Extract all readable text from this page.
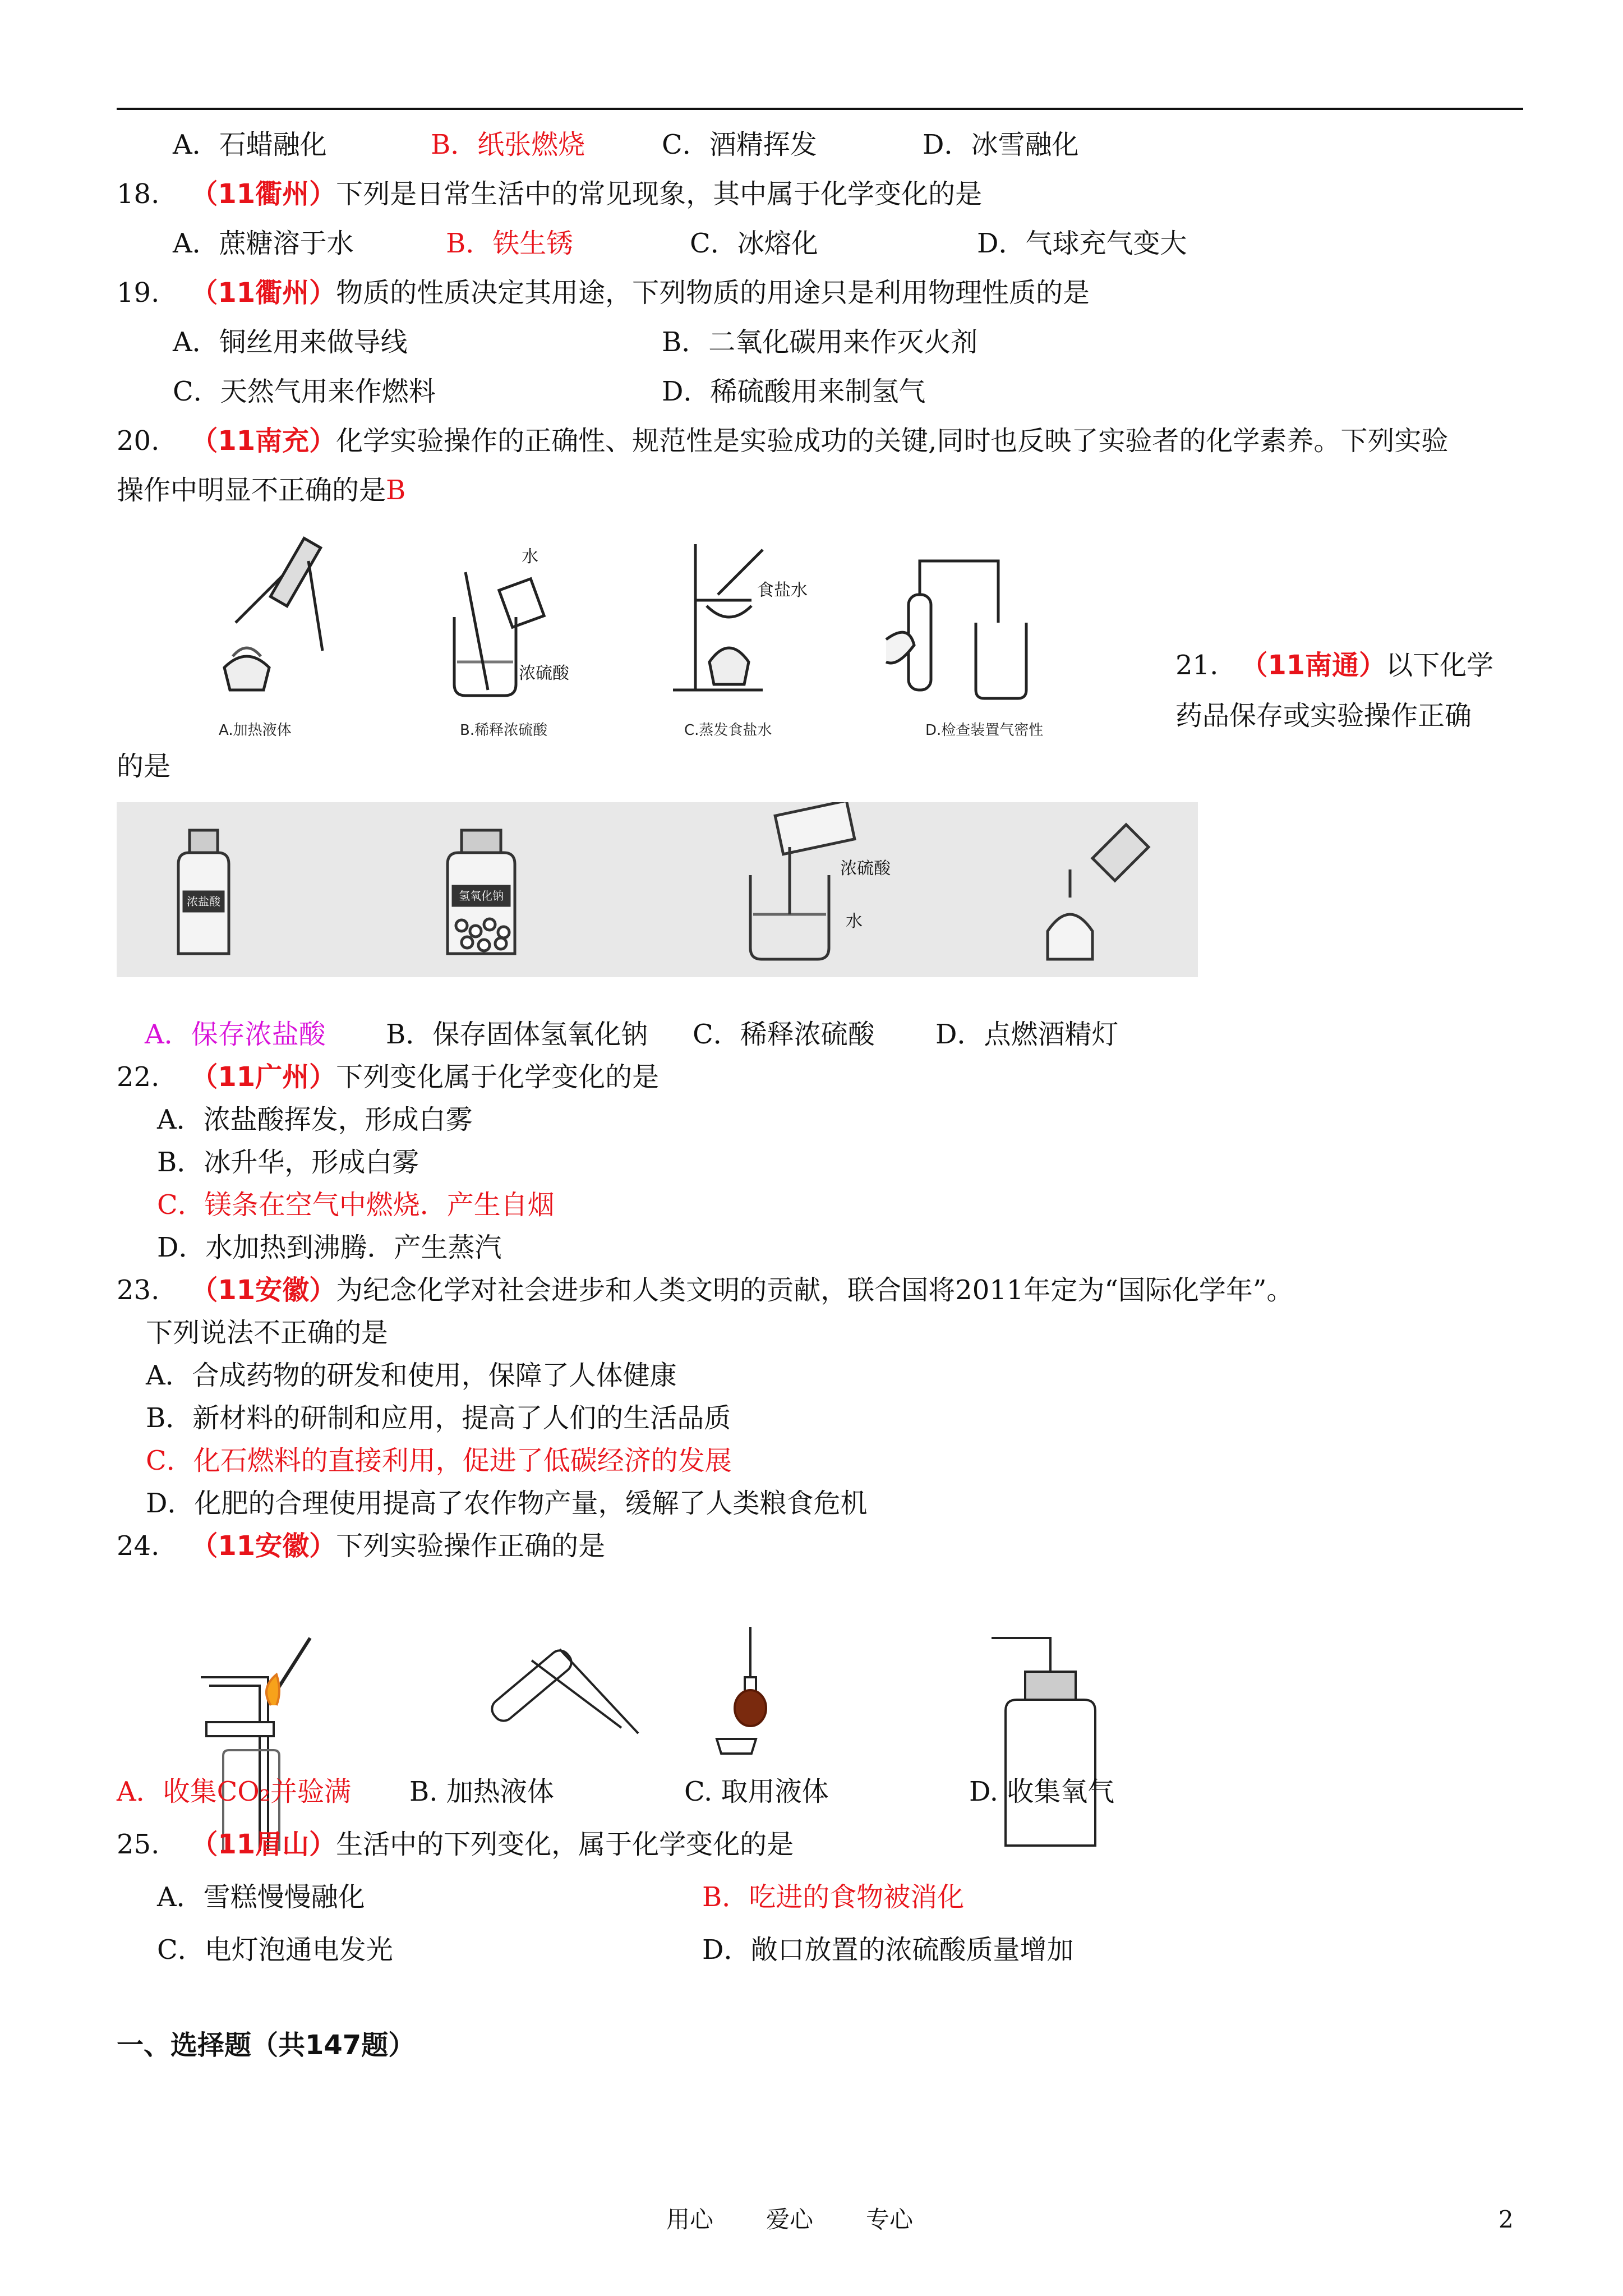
A．石蜡融化	B．纸张燃烧	C．酒精挥发	D．冰雪融化
18. （11衢州）下列是日常生活中的常见现象，其中属于化学变化的是
A．蔗糖溶于水	B．铁生锈	C．冰熔化	D．气球充气变大
19. （11衢州）物质的性质决定其用途，下列物质的用途只是利用物理性质的是
A．铜丝用来做导线	B．二氧化碳用来作灭火剂
C．天然气用来作燃料	D．稀硫酸用来制氢气
20. （11南充）化学实验操作的正确性、规范性是实验成功的关键,同时也反映了实验者的化学素养。下列实验
操作中明显不正确的是B
水
浓硫酸
食盐水
A.加热液体	B.稀释浓硫酸	C.蒸发食盐水	D.检查装置气密性
21. （11南通）以下化学
药品保存或实验操作正确
的是
浓盐酸	氢氧化钠
浓硫酸
水
A．保存浓盐酸 B．保存固体氢氧化钠 C．稀释浓硫酸 D．点燃酒精灯
22. （11广州）下列变化属于化学变化的是
A．浓盐酸挥发，形成白雾
B．冰升华，形成白雾
C．镁条在空气中燃烧．产生自烟
D．水加热到沸腾．产生蒸汽
23. （11安徽）为纪念化学对社会进步和人类文明的贡献，联合国将2011年定为“国际化学年”。
下列说法不正确的是
A．合成药物的研发和使用，保障了人体健康
B．新材料的研制和应用，提高了人们的生活品质
C．化石燃料的直接利用，促进了低碳经济的发展
D．化肥的合理使用提高了农作物产量，缓解了人类粮食危机
24. （11安徽）下列实验操作正确的是
A．收集CO₂并验满 B. 加热液体	C. 取用液体	D. 收集氧气
25. （11眉山）生活中的下列变化，属于化学变化的是
A．雪糕慢慢融化	B．吃进的食物被消化
C．电灯泡通电发光	D．敞口放置的浓硫酸质量增加
一、选择题（共147题）
用心 爱心 专心	2
